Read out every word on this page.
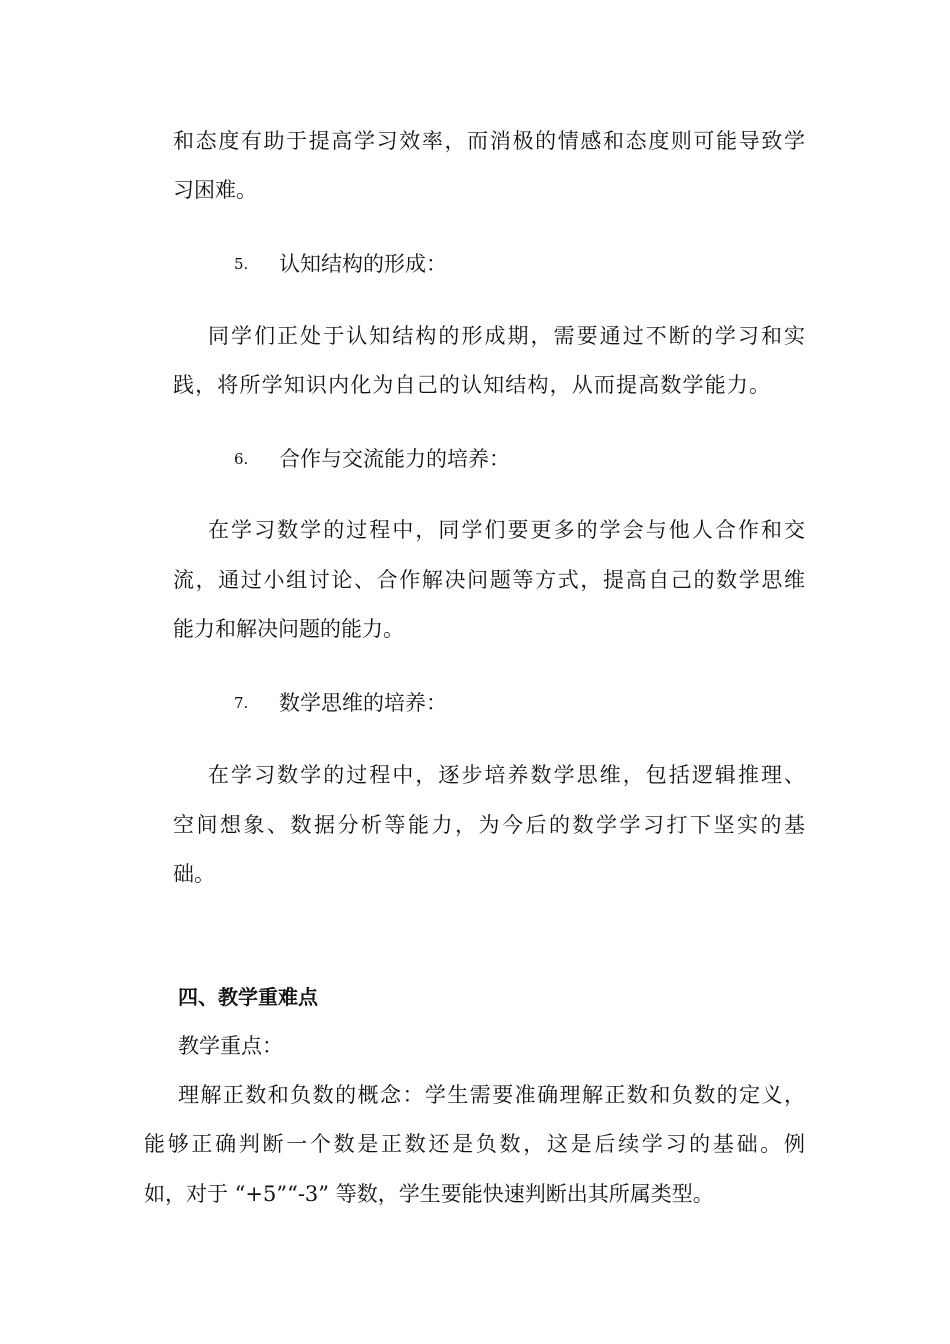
和态度有助于提高学习效率，而消极的情感和态度则可能导致学

习困难。

5. 认知结构的形成：

同学们正处于认知结构的形成期，需要通过不断的学习和实

践，将所学知识内化为自己的认知结构，从而提高数学能力。

6. 合作与交流能力的培养：

在学习数学的过程中，同学们要更多的学会与他人合作和交

流，通过小组讨论、合作解决问题等方式，提高自己的数学思维

能力和解决问题的能力。

7. 数学思维的培养：

在学习数学的过程中，逐步培养数学思维，包括逻辑推理、

空间想象、数据分析等能力，为今后的数学学习打下坚实的基

础。

四、教学重难点

教学重点：

理解正数和负数的概念：学生需要准确理解正数和负数的定义，

能够正确判断一个数是正数还是负数，这是后续学习的基础。例

如，对于 “+5”“-3” 等数，学生要能快速判断出其所属类型。
